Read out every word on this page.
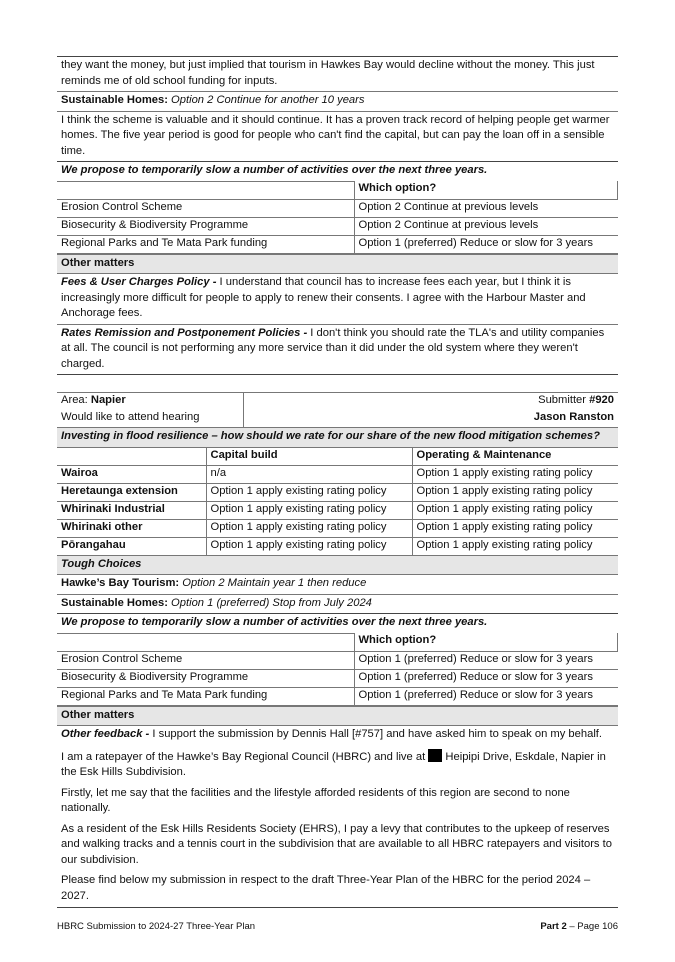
they want the money, but just implied that tourism in Hawkes Bay would decline without the money. This just reminds me of old school funding for inputs.
Sustainable Homes: Option 2 Continue for another 10 years
I think the scheme is valuable and it should continue. It has a proven track record of helping people get warmer homes. The five year period is good for people who can't find the capital, but can pay the loan off in a sensible time.
We propose to temporarily slow a number of activities over the next three years.
	Which option?
Erosion Control Scheme	Option 2 Continue at previous levels
Biosecurity & Biodiversity Programme	Option 2 Continue at previous levels
Regional Parks and Te Mata Park funding	Option 1 (preferred) Reduce or slow for 3 years
Other matters
Fees & User Charges Policy - I understand that council has to increase fees each year, but I think it is increasingly more difficult for people to apply to renew their consents. I agree with the Harbour Master and Anchorage fees.
Rates Remission and Postponement Policies - I don't think you should rate the TLA's and utility companies at all. The council is not performing any more service than it did under the old system where they weren't charged.
Area: Napier	Submitter #920
Would like to attend hearing	Jason Ranston
Investing in flood resilience – how should we rate for our share of the new flood mitigation schemes?
	Capital build	Operating & Maintenance
Wairoa	n/a	Option 1 apply existing rating policy
Heretaunga extension	Option 1 apply existing rating policy	Option 1 apply existing rating policy
Whirinaki Industrial	Option 1 apply existing rating policy	Option 1 apply existing rating policy
Whirinaki other	Option 1 apply existing rating policy	Option 1 apply existing rating policy
Pōrangahau	Option 1 apply existing rating policy	Option 1 apply existing rating policy
Tough Choices
Hawke’s Bay Tourism: Option 2 Maintain year 1 then reduce
Sustainable Homes: Option 1 (preferred) Stop from July 2024
We propose to temporarily slow a number of activities over the next three years.
	Which option?
Erosion Control Scheme	Option 1 (preferred) Reduce or slow for 3 years
Biosecurity & Biodiversity Programme	Option 1 (preferred) Reduce or slow for 3 years
Regional Parks and Te Mata Park funding	Option 1 (preferred) Reduce or slow for 3 years
Other matters
Other feedback - I support the submission by Dennis Hall [#757] and have asked him to speak on my behalf.
I am a ratepayer of the Hawke’s Bay Regional Council (HBRC) and live at  Heipipi Drive, Eskdale, Napier in the Esk Hills Subdivision.
Firstly, let me say that the facilities and the lifestyle afforded residents of this region are second to none nationally.
As a resident of the Esk Hills Residents Society (EHRS), I pay a levy that contributes to the upkeep of reserves and walking tracks and a tennis court in the subdivision that are available to all HBRC ratepayers and visitors to our subdivision.
Please find below my submission in respect to the draft Three-Year Plan of the HBRC for the period 2024 – 2027.
HBRC Submission to 2024-27 Three-Year Plan	Part 2 – Page 106
